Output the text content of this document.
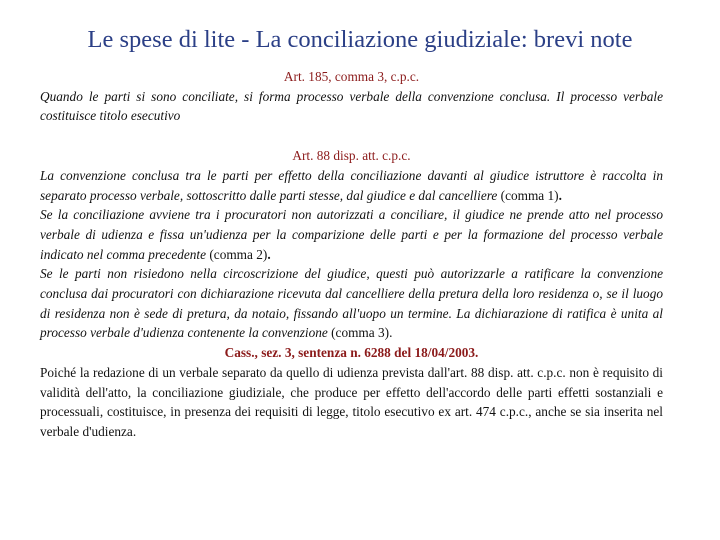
Le spese di lite - La conciliazione giudiziale: brevi note
Art. 185, comma 3, c.p.c.

Quando le parti si sono conciliate, si forma processo verbale della convenzione conclusa. Il processo verbale costituisce titolo esecutivo

Art. 88 disp. att. c.p.c.

La convenzione conclusa tra le parti per effetto della conciliazione davanti al giudice istruttore è raccolta in separato processo verbale, sottoscritto dalle parti stesse, dal giudice e dal cancelliere (comma 1).

Se la conciliazione avviene tra i procuratori non autorizzati a conciliare, il giudice ne prende atto nel processo verbale di udienza e fissa un'udienza per la comparizione delle parti e per la formazione del processo verbale indicato nel comma precedente (comma 2).

Se le parti non risiedono nella circoscrizione del giudice, questi può autorizzarle a ratificare la convenzione conclusa dai procuratori con dichiarazione ricevuta dal cancelliere della pretura della loro residenza o, se il luogo di residenza non è sede di pretura, da notaio, fissando all'uopo un termine. La dichiarazione di ratifica è unita al processo verbale d'udienza contenente la convenzione (comma 3).

Cass., sez. 3, sentenza n. 6288 del 18/04/2003.

Poiché la redazione di un verbale separato da quello di udienza prevista dall'art. 88 disp. att. c.p.c. non è requisito di validità dell'atto, la conciliazione giudiziale, che produce per effetto dell'accordo delle parti effetti sostanziali e processuali, costituisce, in presenza dei requisiti di legge, titolo esecutivo ex art. 474 c.p.c., anche se sia inserita nel verbale d'udienza.
